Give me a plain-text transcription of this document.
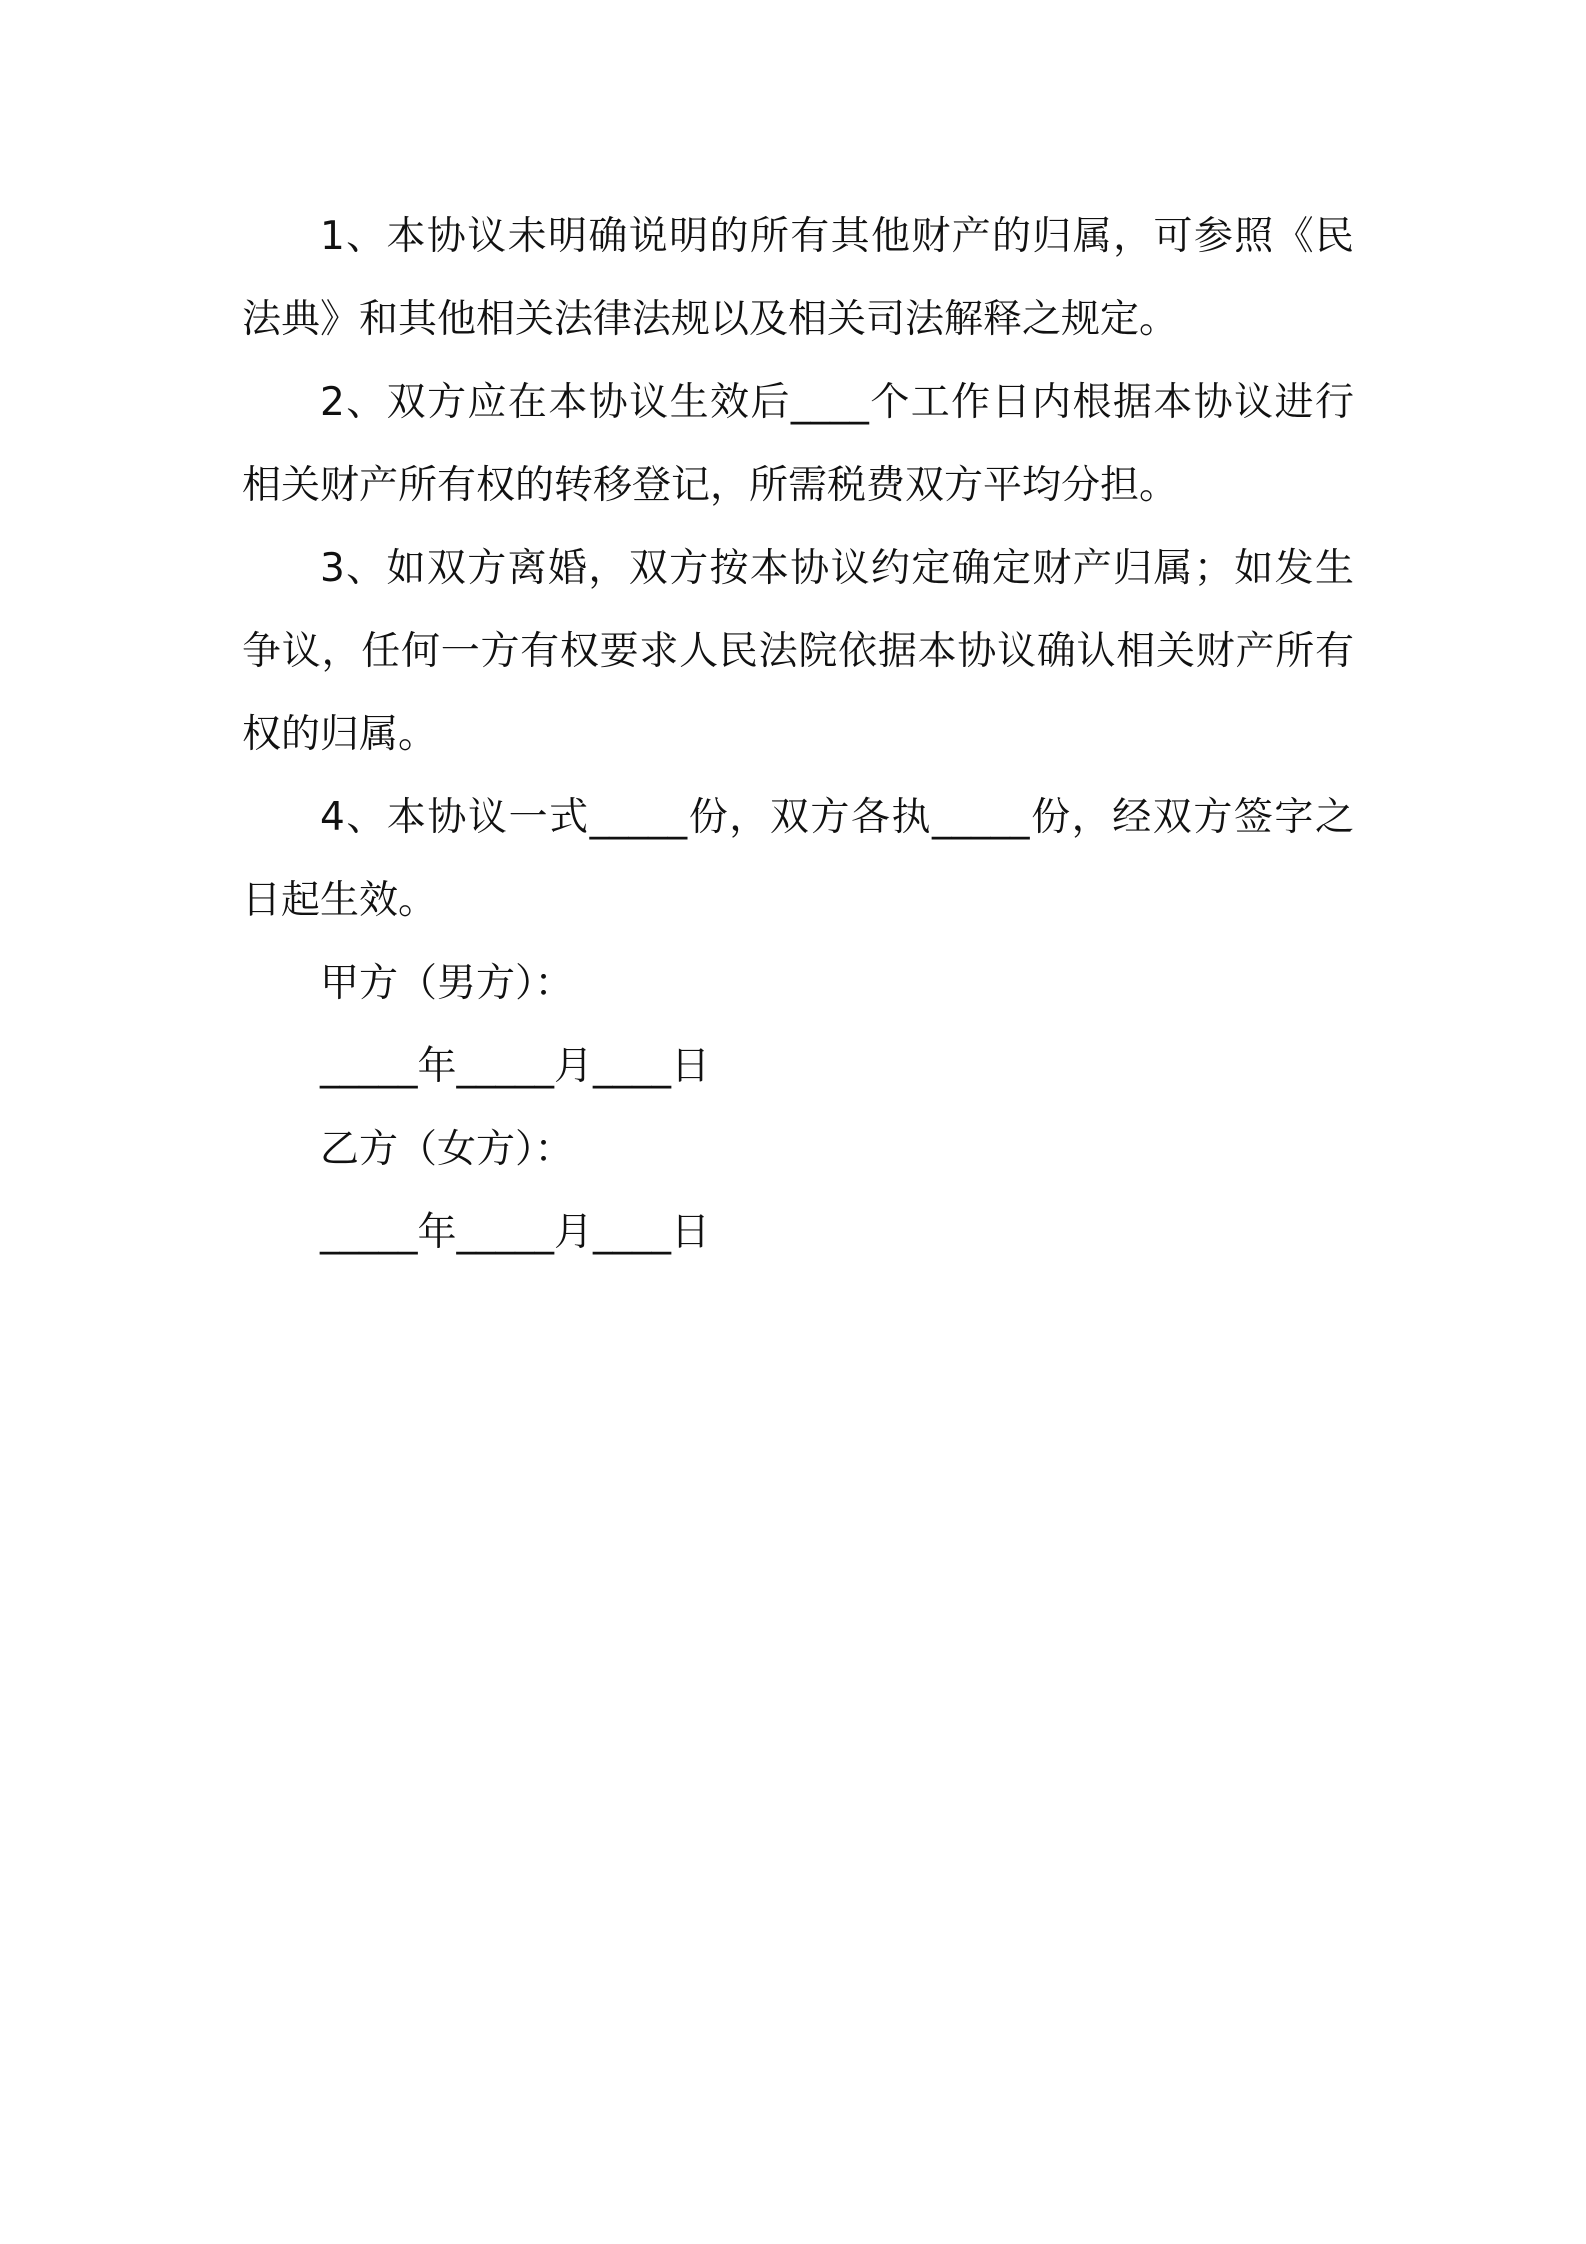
1、本协议未明确说明的所有其他财产的归属，可参照《民法典》和其他相关法律法规以及相关司法解释之规定。

2、双方应在本协议生效后____个工作日内根据本协议进行相关财产所有权的转移登记，所需税费双方平均分担。

3、如双方离婚，双方按本协议约定确定财产归属；如发生争议，任何一方有权要求人民法院依据本协议确认相关财产所有权的归属。

4、本协议一式_____份，双方各执_____份，经双方签字之日起生效。

甲方（男方）：

_____年_____月____日

乙方（女方）：

_____年_____月____日
